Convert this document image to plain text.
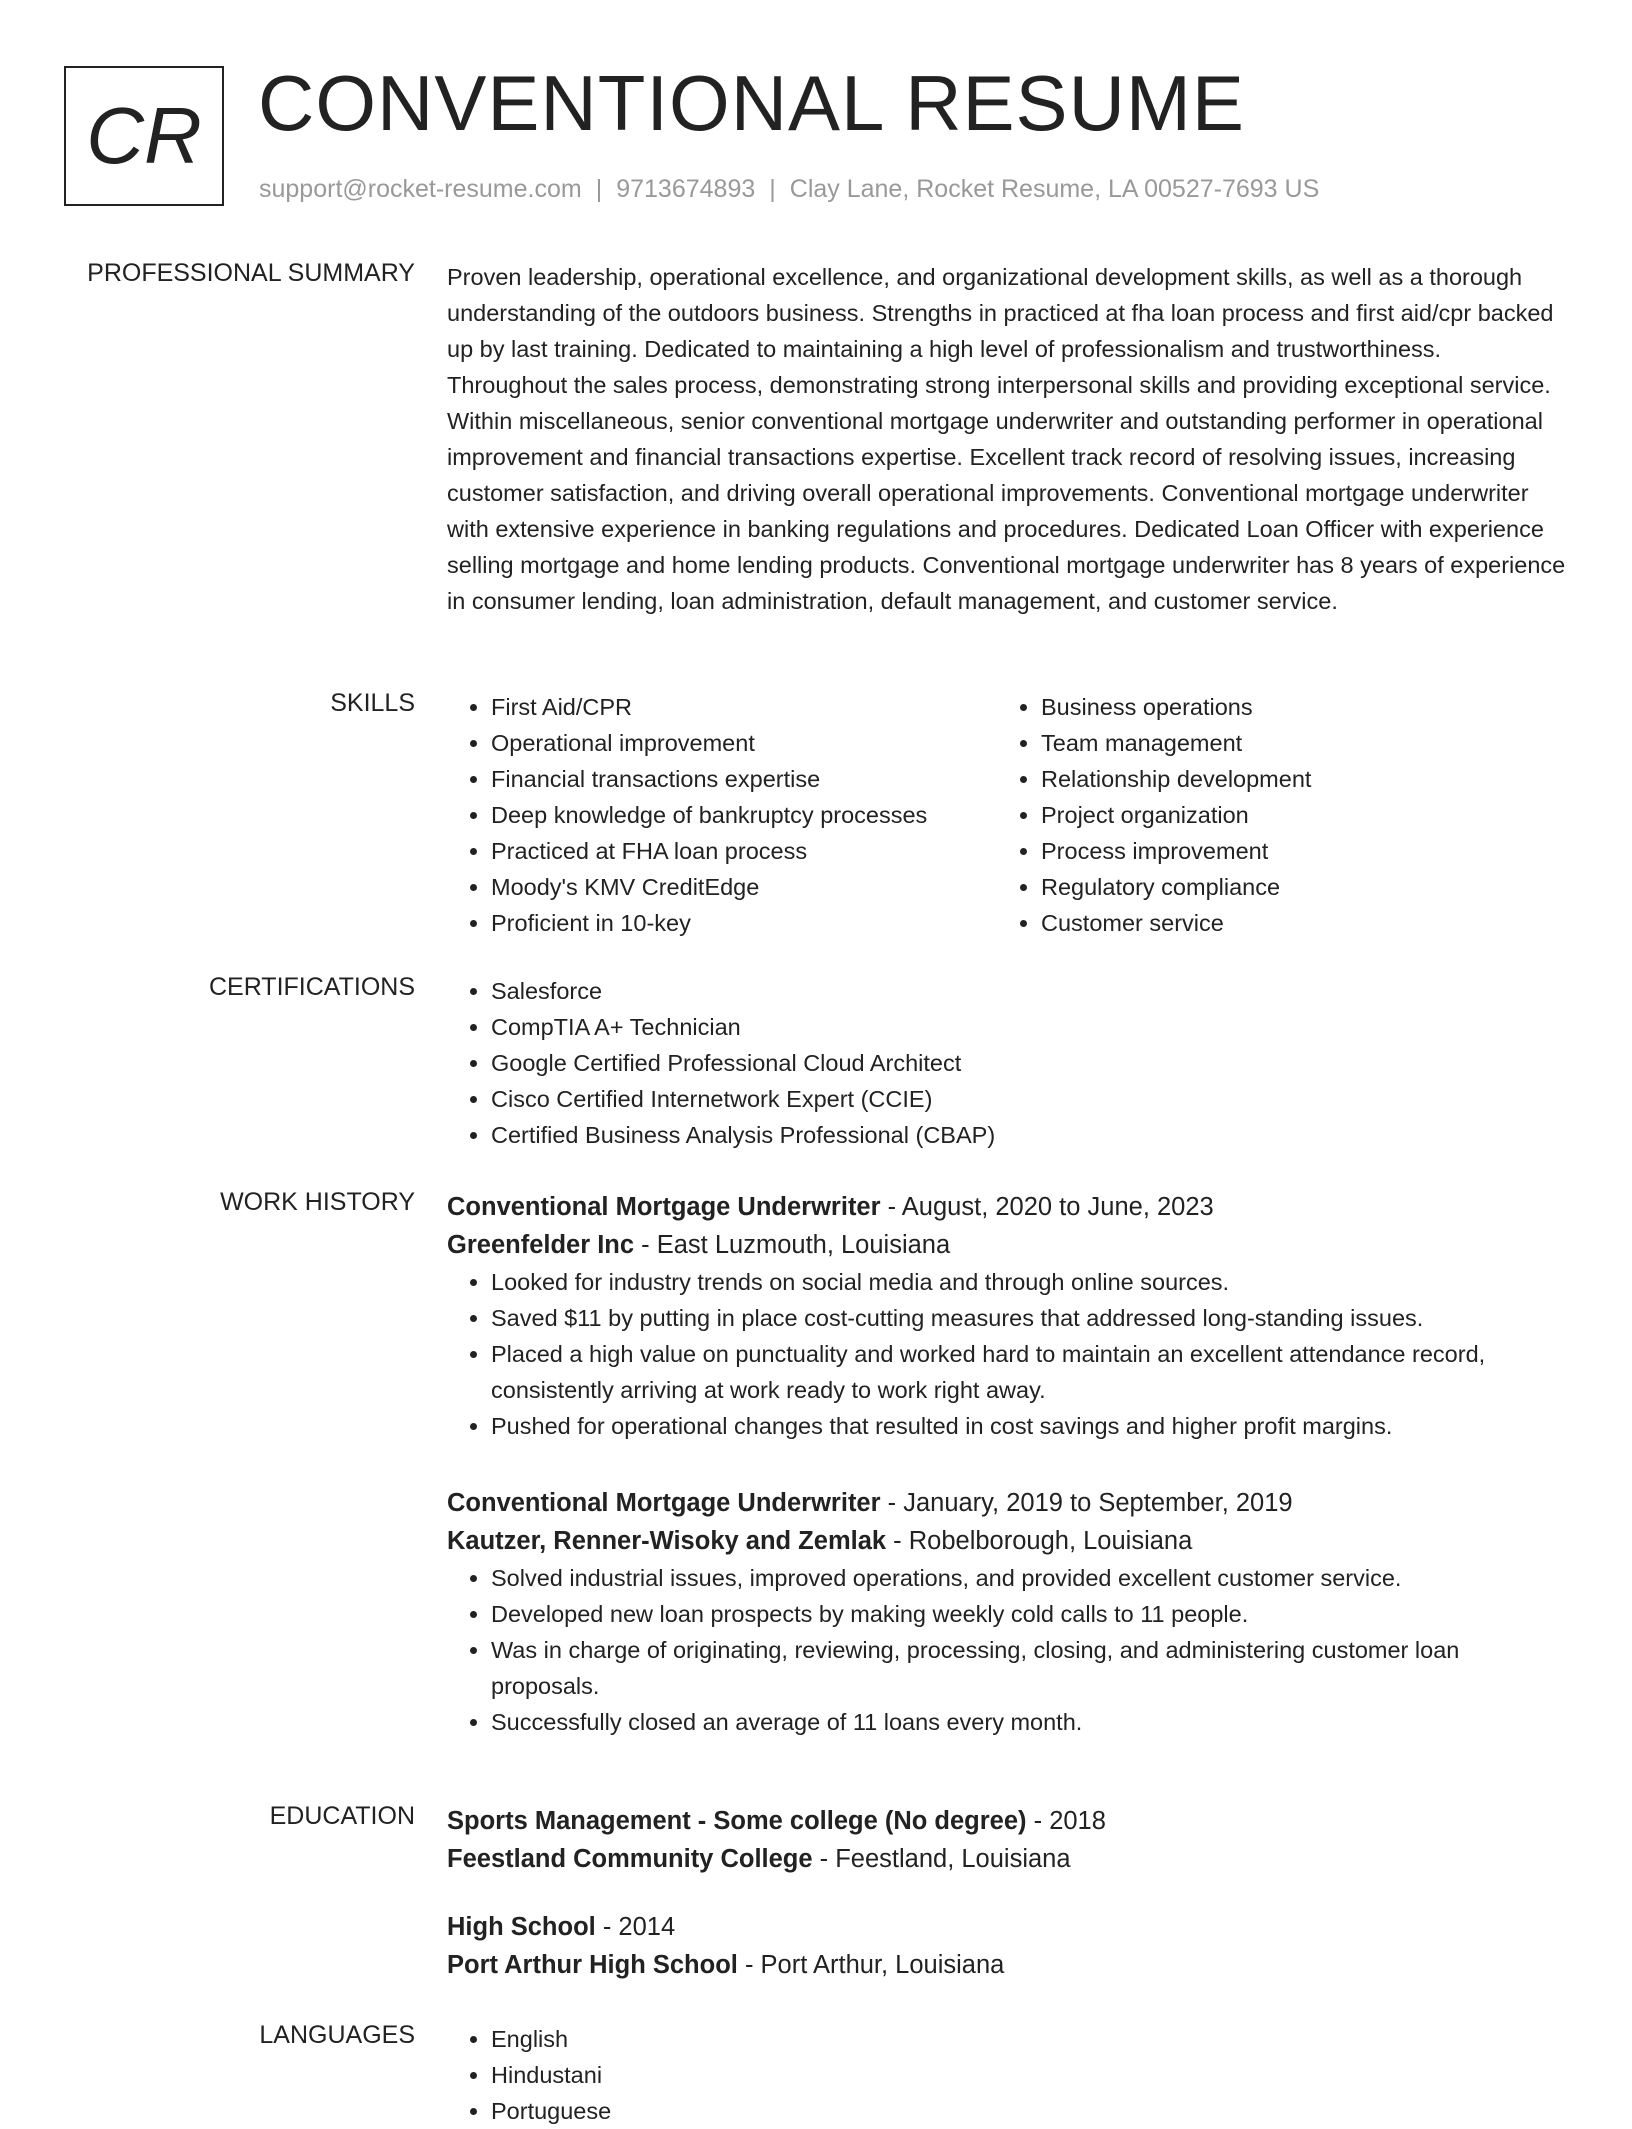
CR CONVENTIONAL RESUME
support@rocket-resume.com | 9713674893 | Clay Lane, Rocket Resume, LA 00527-7693 US
PROFESSIONAL SUMMARY Proven leadership, operational excellence, and organizational development skills, as well as a thorough understanding of the outdoors business. Strengths in practiced at fha loan process and first aid/cpr backed up by last training. Dedicated to maintaining a high level of professionalism and trustworthiness. Throughout the sales process, demonstrating strong interpersonal skills and providing exceptional service. Within miscellaneous, senior conventional mortgage underwriter and outstanding performer in operational improvement and financial transactions expertise. Excellent track record of resolving issues, increasing customer satisfaction, and driving overall operational improvements. Conventional mortgage underwriter with extensive experience in banking regulations and procedures. Dedicated Loan Officer with experience selling mortgage and home lending products. Conventional mortgage underwriter has 8 years of experience in consumer lending, loan administration, default management, and customer service.

SKILLS	• First Aid/CPR
• Operational improvement
• Financial transactions expertise
• Deep knowledge of bankruptcy processes
• Practiced at FHA loan process
• Moody's KMV CreditEdge
• Proficient in 10-key
• Business operations
• Team management
• Relationship development
• Project organization
• Process improvement
• Regulatory compliance
• Customer service
CERTIFICATIONS	• Salesforce
• CompTIA A+ Technician
• Google Certified Professional Cloud Architect
• Cisco Certified Internetwork Expert (CCIE)
• Certified Business Analysis Professional (CBAP)
WORK HISTORY Conventional Mortgage Underwriter - August, 2020 to June, 2023
Greenfelder Inc - East Luzmouth, Louisiana
• Looked for industry trends on social media and through online sources.
• Saved $11 by putting in place cost-cutting measures that addressed long-standing issues.
• Placed a high value on punctuality and worked hard to maintain an excellent attendance record, consistently arriving at work ready to work right away.
• Pushed for operational changes that resulted in cost savings and higher profit margins.
Conventional Mortgage Underwriter - January, 2019 to September, 2019
Kautzer, Renner-Wisoky and Zemlak - Robelborough, Louisiana
• Solved industrial issues, improved operations, and provided excellent customer service.
• Developed new loan prospects by making weekly cold calls to 11 people.
• Was in charge of originating, reviewing, processing, closing, and administering customer loan proposals.
• Successfully closed an average of 11 loans every month.
EDUCATION Sports Management - Some college (No degree) - 2018
Feestland Community College - Feestland, Louisiana
High School - 2014
Port Arthur High School - Port Arthur, Louisiana
LANGUAGES	• English
• Hindustani
• Portuguese
